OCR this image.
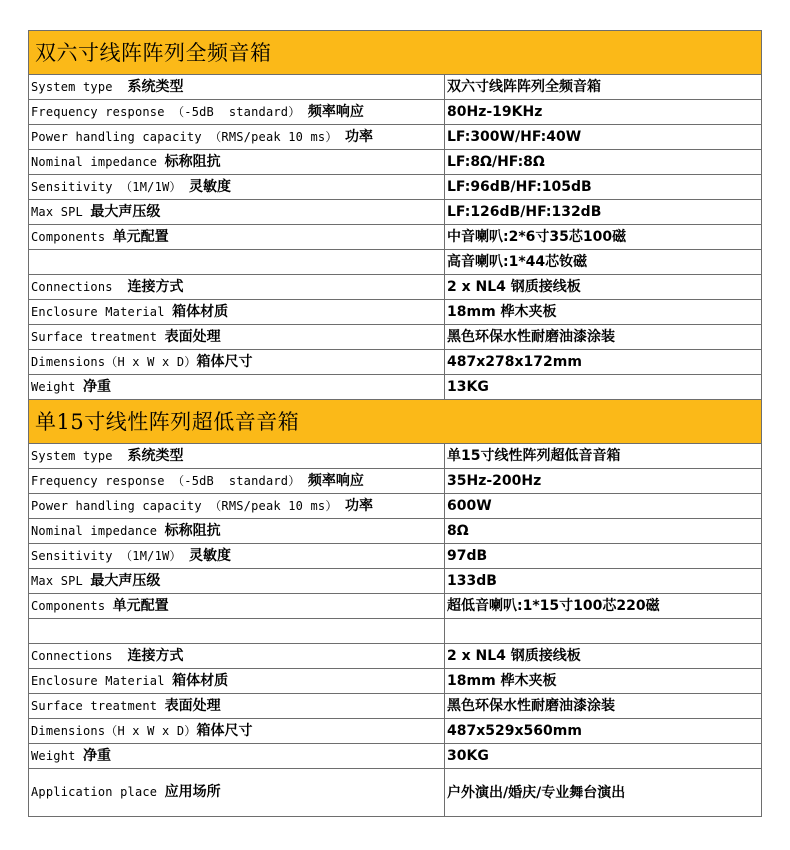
双六寸线阵阵列全频音箱	
System type  系统类型	双六寸线阵阵列全频音箱
Frequency response （-5dB  standard） 频率响应	80Hz-19KHz
Power handling capacity （RMS/peak 10 ms） 功率	LF:300W/HF:40W
Nominal impedance 标称阻抗	LF:8Ω/HF:8Ω
Sensitivity （1M/1W） 灵敏度	LF:96dB/HF:105dB
Max SPL 最大声压级	LF:126dB/HF:132dB
Components 单元配置	中音喇叭:2*6寸35芯100磁
	高音喇叭:1*44芯钕磁
Connections  连接方式	2 x NL4 钢质接线板
Enclosure Material 箱体材质	18mm 桦木夹板
Surface treatment 表面处理	黑色环保水性耐磨油漆涂装
Dimensions（H x W x D）箱体尺寸	487x278x172mm
Weight 净重	13KG
单15寸线性阵列超低音音箱	
System type  系统类型	单15寸线性阵列超低音音箱
Frequency response （-5dB  standard） 频率响应	35Hz-200Hz
Power handling capacity （RMS/peak 10 ms） 功率	600W
Nominal impedance 标称阻抗	8Ω
Sensitivity （1M/1W） 灵敏度	97dB
Max SPL 最大声压级	133dB
Components 单元配置	超低音喇叭:1*15寸100芯220磁

Connections  连接方式	2 x NL4 钢质接线板
Enclosure Material 箱体材质	18mm 桦木夹板
Surface treatment 表面处理	黑色环保水性耐磨油漆涂装
Dimensions（H x W x D）箱体尺寸	487x529x560mm
Weight 净重	30KG
Application place 应用场所	户外演出/婚庆/专业舞台演出
